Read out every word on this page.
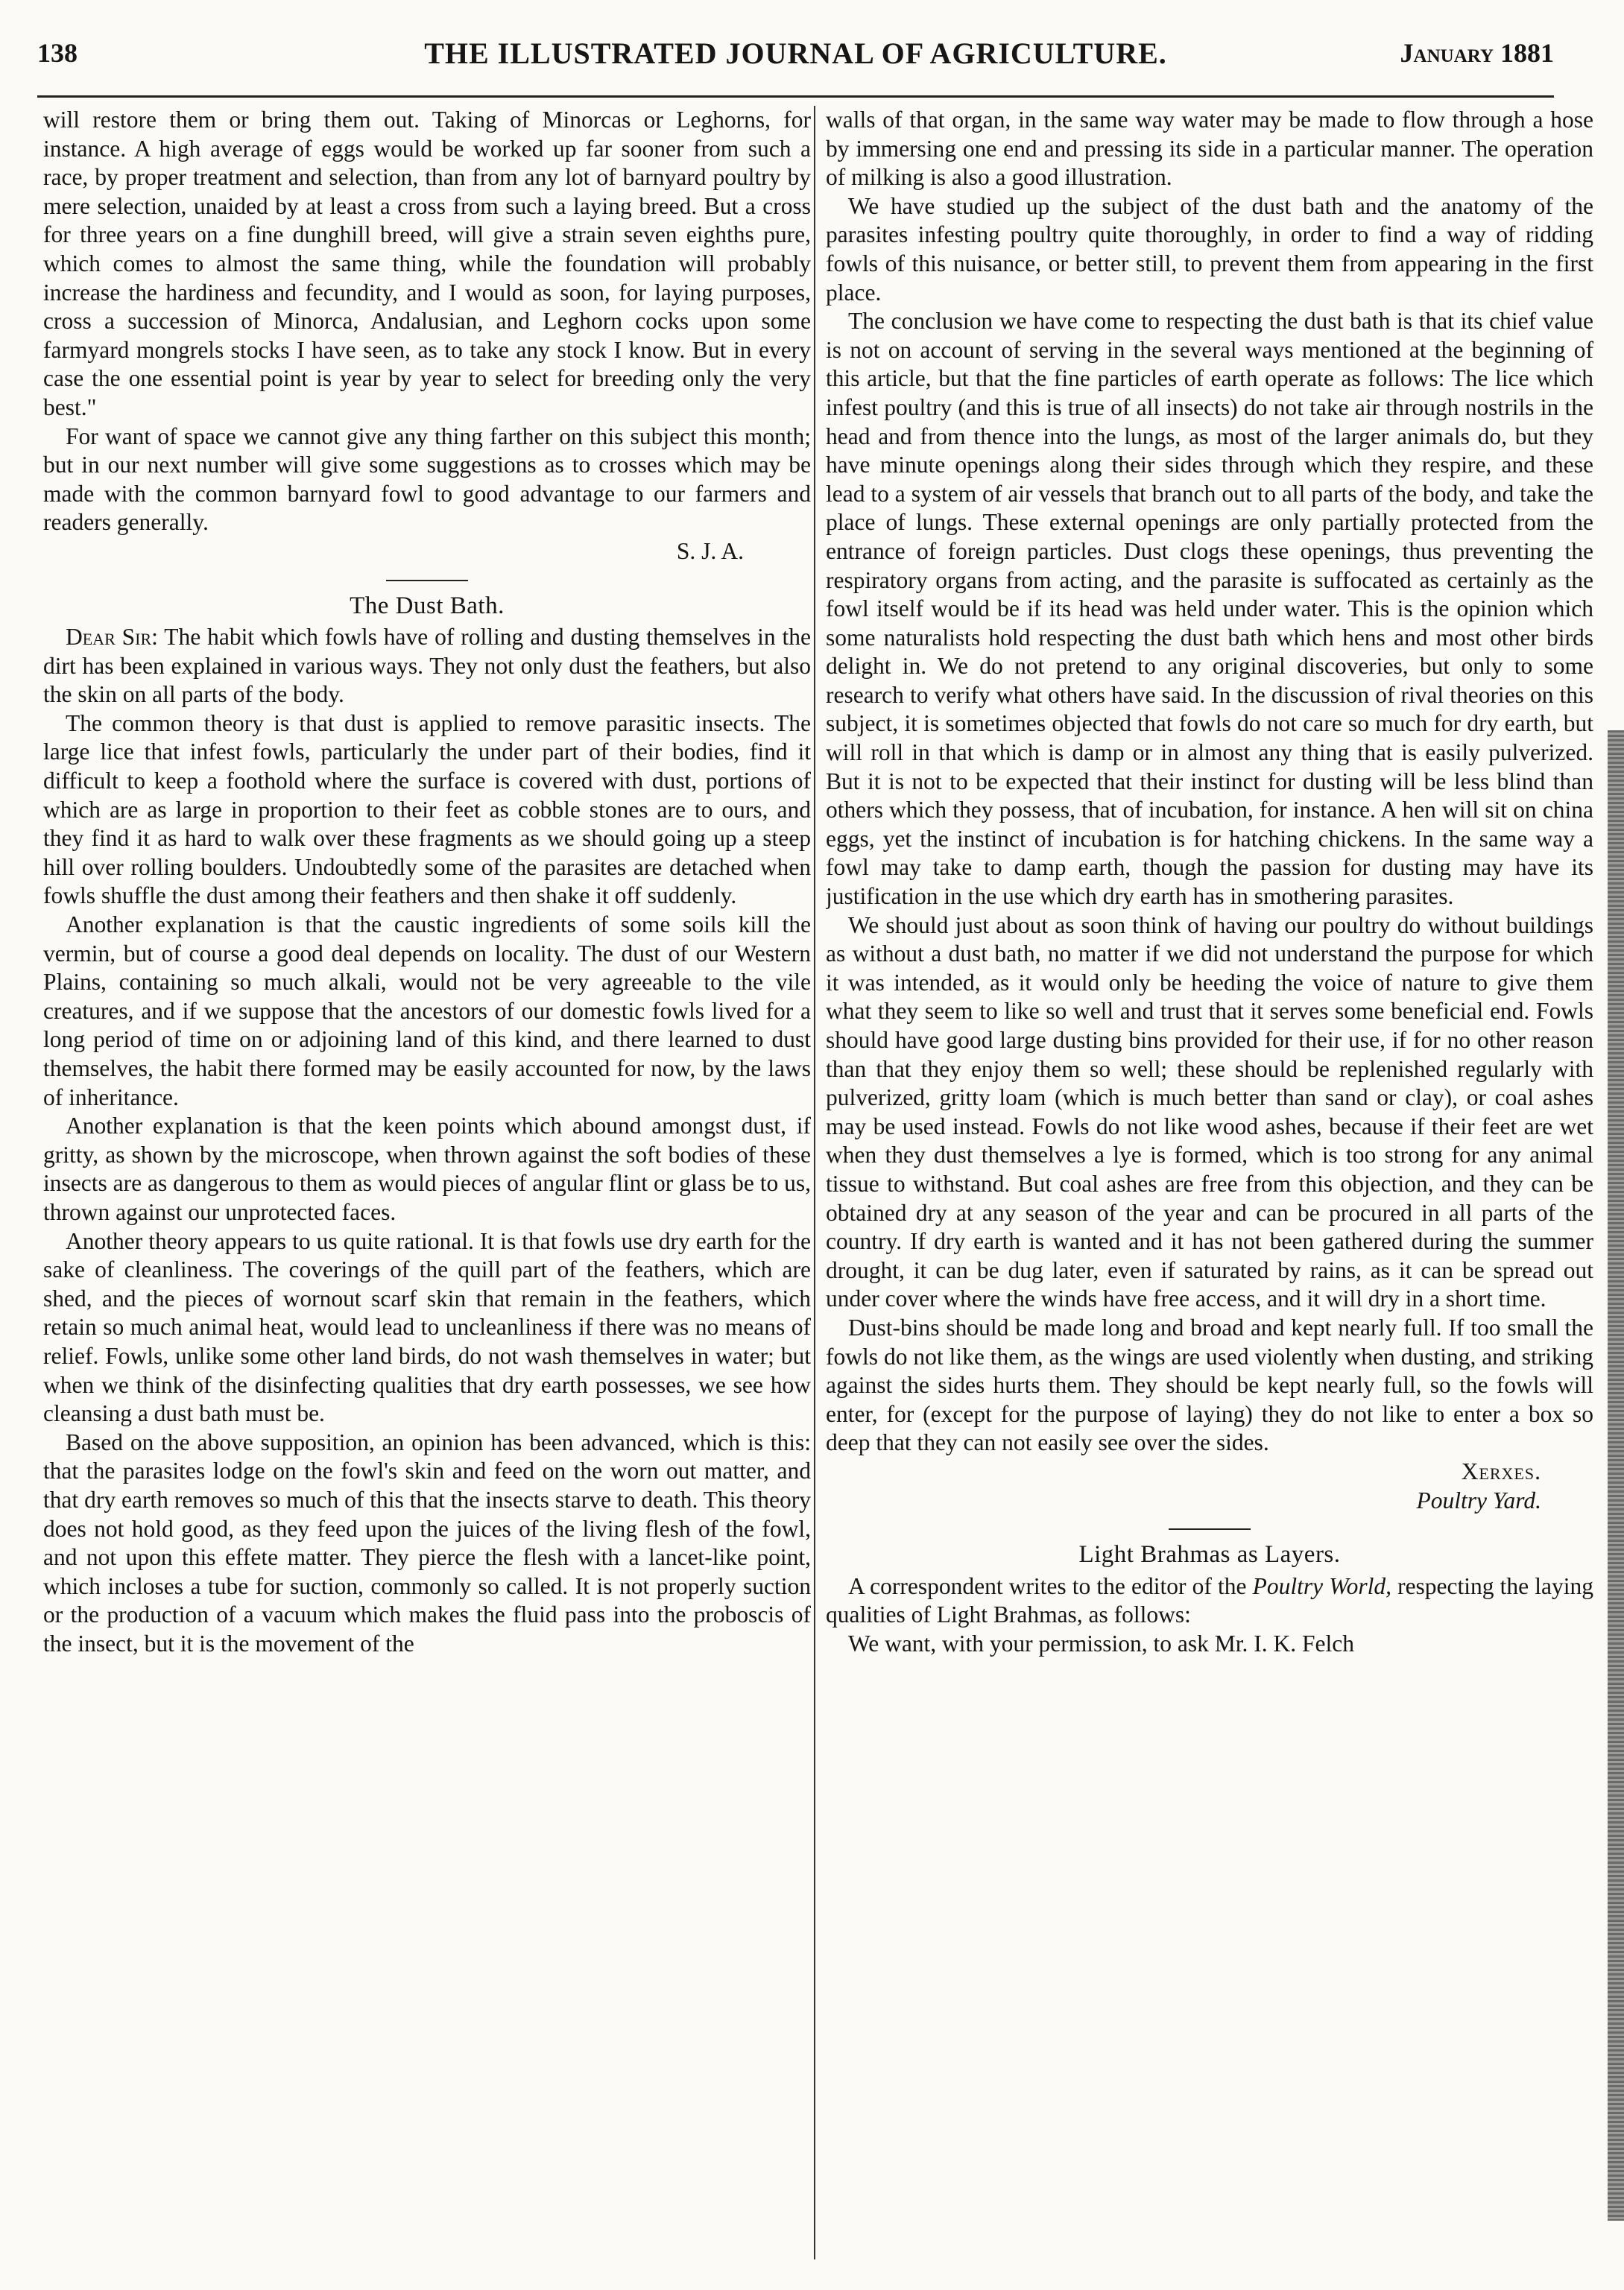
138	THE ILLUSTRATED JOURNAL OF AGRICULTURE.	January 1881

will restore them or bring them out. Taking of Minorcas or Leghorns, for instance. A high average of eggs would be worked up far sooner from such a race, by proper treatment and selection, than from any lot of barnyard poultry by mere selection, unaided by at least a cross from such a laying breed. But a cross for three years on a fine dunghill breed, will give a strain seven eighths pure, which comes to almost the same thing, while the foundation will probably increase the hardiness and fecundity, and I would as soon, for laying purposes, cross a succession of Minorca, Andalusian, and Leghorn cocks upon some farmyard mongrels stocks I have seen, as to take any stock I know. But in every case the one essential point is year by year to select for breeding only the very best."

For want of space we cannot give any thing farther on this subject this month; but in our next number will give some suggestions as to crosses which may be made with the common barnyard fowl to good advantage to our farmers and readers generally.
S. J. A.

The Dust Bath.

Dear Sir: The habit which fowls have of rolling and dusting themselves in the dirt has been explained in various ways. They not only dust the feathers, but also the skin on all parts of the body.

The common theory is that dust is applied to remove parasitic insects. The large lice that infest fowls, particularly the under part of their bodies, find it difficult to keep a foothold where the surface is covered with dust, portions of which are as large in proportion to their feet as cobble stones are to ours, and they find it as hard to walk over these fragments as we should going up a steep hill over rolling boulders. Undoubtedly some of the parasites are detached when fowls shuffle the dust among their feathers and then shake it off suddenly.

Another explanation is that the caustic ingredients of some soils kill the vermin, but of course a good deal depends on locality. The dust of our Western Plains, containing so much alkali, would not be very agreeable to the vile creatures, and if we suppose that the ancestors of our domestic fowls lived for a long period of time on or adjoining land of this kind, and there learned to dust themselves, the habit there formed may be easily accounted for now, by the laws of inheritance.

Another explanation is that the keen points which abound amongst dust, if gritty, as shown by the microscope, when thrown against the soft bodies of these insects are as dangerous to them as would pieces of angular flint or glass be to us, thrown against our unprotected faces.

Another theory appears to us quite rational. It is that fowls use dry earth for the sake of cleanliness. The coverings of the quill part of the feathers, which are shed, and the pieces of wornout scarf skin that remain in the feathers, which retain so much animal heat, would lead to uncleanliness if there was no means of relief. Fowls, unlike some other land birds, do not wash themselves in water; but when we think of the disinfecting qualities that dry earth possesses, we see how cleansing a dust bath must be.

Based on the above supposition, an opinion has been advanced, which is this: that the parasites lodge on the fowl's skin and feed on the worn out matter, and that dry earth removes so much of this that the insects starve to death. This theory does not hold good, as they feed upon the juices of the living flesh of the fowl, and not upon this effete matter. They pierce the flesh with a lancet-like point, which incloses a tube for suction, commonly so called. It is not properly suction or the production of a vacuum which makes the fluid pass into the proboscis of the insect, but it is the movement of the

walls of that organ, in the same way water may be made to flow through a hose by immersing one end and pressing its side in a particular manner. The operation of milking is also a good illustration.

We have studied up the subject of the dust bath and the anatomy of the parasites infesting poultry quite thoroughly, in order to find a way of ridding fowls of this nuisance, or better still, to prevent them from appearing in the first place.

The conclusion we have come to respecting the dust bath is that its chief value is not on account of serving in the several ways mentioned at the beginning of this article, but that the fine particles of earth operate as follows: The lice which infest poultry (and this is true of all insects) do not take air through nostrils in the head and from thence into the lungs, as most of the larger animals do, but they have minute openings along their sides through which they respire, and these lead to a system of air vessels that branch out to all parts of the body, and take the place of lungs. These external openings are only partially protected from the entrance of foreign particles. Dust clogs these openings, thus preventing the respiratory organs from acting, and the parasite is suffocated as certainly as the fowl itself would be if its head was held under water. This is the opinion which some naturalists hold respecting the dust bath which hens and most other birds delight in. We do not pretend to any original discoveries, but only to some research to verify what others have said. In the discussion of rival theories on this subject, it is sometimes objected that fowls do not care so much for dry earth, but will roll in that which is damp or in almost any thing that is easily pulverized. But it is not to be expected that their instinct for dusting will be less blind than others which they possess, that of incubation, for instance. A hen will sit on china eggs, yet the instinct of incubation is for hatching chickens. In the same way a fowl may take to damp earth, though the passion for dusting may have its justification in the use which dry earth has in smothering parasites.

We should just about as soon think of having our poultry do without buildings as without a dust bath, no matter if we did not understand the purpose for which it was intended, as it would only be heeding the voice of nature to give them what they seem to like so well and trust that it serves some beneficial end. Fowls should have good large dusting bins provided for their use, if for no other reason than that they enjoy them so well; these should be replenished regularly with pulverized, gritty loam (which is much better than sand or clay), or coal ashes may be used instead. Fowls do not like wood ashes, because if their feet are wet when they dust themselves a lye is formed, which is too strong for any animal tissue to withstand. But coal ashes are free from this objection, and they can be obtained dry at any season of the year and can be procured in all parts of the country. If dry earth is wanted and it has not been gathered during the summer drought, it can be dug later, even if saturated by rains, as it can be spread out under cover where the winds have free access, and it will dry in a short time.

Dust-bins should be made long and broad and kept nearly full. If too small the fowls do not like them, as the wings are used violently when dusting, and striking against the sides hurts them. They should be kept nearly full, so the fowls will enter, for (except for the purpose of laying) they do not like to enter a box so deep that they can not easily see over the sides.

Xerxes.
Poultry Yard.
Light Brahmas as Layers.

A correspondent writes to the editor of the Poultry World, respecting the laying qualities of Light Brahmas, as follows:

We want, with your permission, to ask Mr. I. K. Felch
